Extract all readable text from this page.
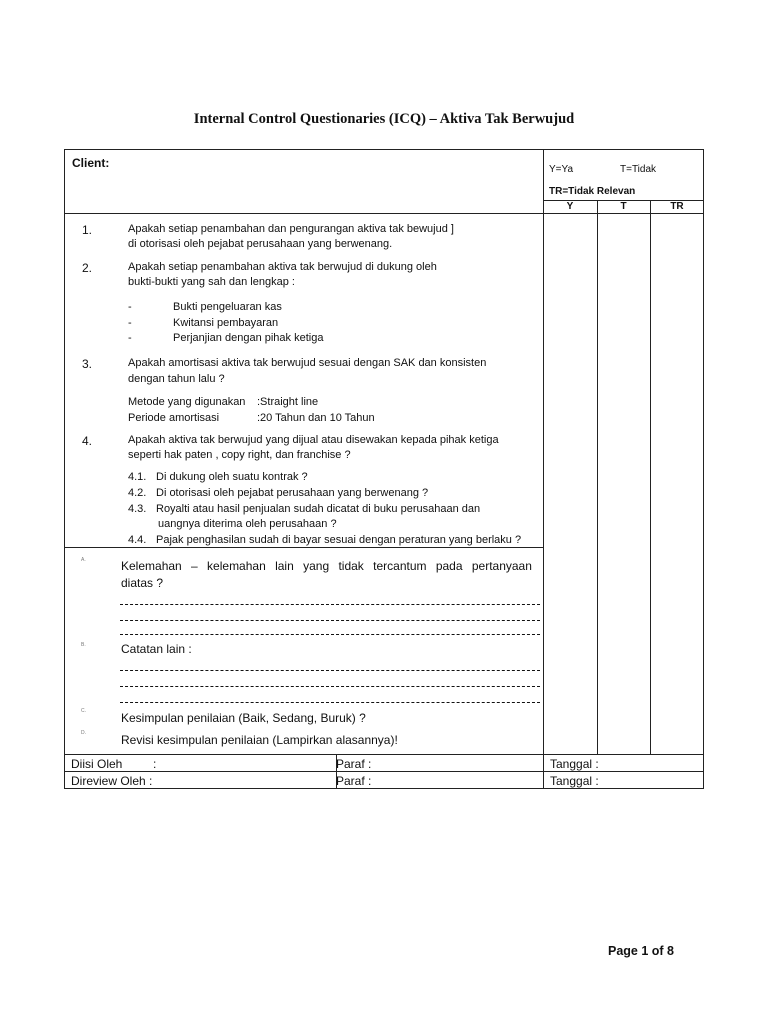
Internal Control Questionaries (ICQ) – Aktiva Tak Berwujud
Client:	Y=Ya	T=Tidak
TR=Tidak Relevan
Y	T	TR
1.	Apakah setiap penambahan dan pengurangan aktiva tak bewujud ]
di otorisasi oleh pejabat perusahaan yang berwenang.
2.	Apakah setiap penambahan aktiva tak berwujud di dukung oleh
bukti-bukti yang sah dan lengkap :
-	Bukti pengeluaran kas
-	Kwitansi pembayaran
-	Perjanjian dengan pihak ketiga
3.	Apakah amortisasi aktiva tak berwujud sesuai dengan SAK dan konsisten
dengan tahun lalu ?
Metode yang digunakan :Straight line
Periode amortisasi	:20 Tahun dan 10 Tahun
4.	Apakah aktiva tak berwujud yang dijual atau disewakan kepada pihak ketiga
seperti hak paten , copy right, dan franchise ?
4.1. Di dukung oleh suatu kontrak ?
4.2. Di otorisasi oleh pejabat perusahaan yang berwenang ?
4.3. Royalti atau hasil penjualan sudah dicatat di buku perusahaan dan
uangnya diterima oleh perusahaan ?
4.4. Pajak penghasilan sudah di bayar sesuai dengan peraturan yang berlaku ?
A.	Kelemahan – kelemahan lain yang tidak tercantum pada pertanyaan
diatas ?
B.	Catatan lain :
C.	Kesimpulan penilaian (Baik, Sedang, Buruk) ?
D.	Revisi kesimpulan penilaian (Lampirkan alasannya)!
Diisi Oleh	:	Paraf :	Tanggal :
Direview Oleh :	Paraf :	Tanggal :
Page 1 of 8
